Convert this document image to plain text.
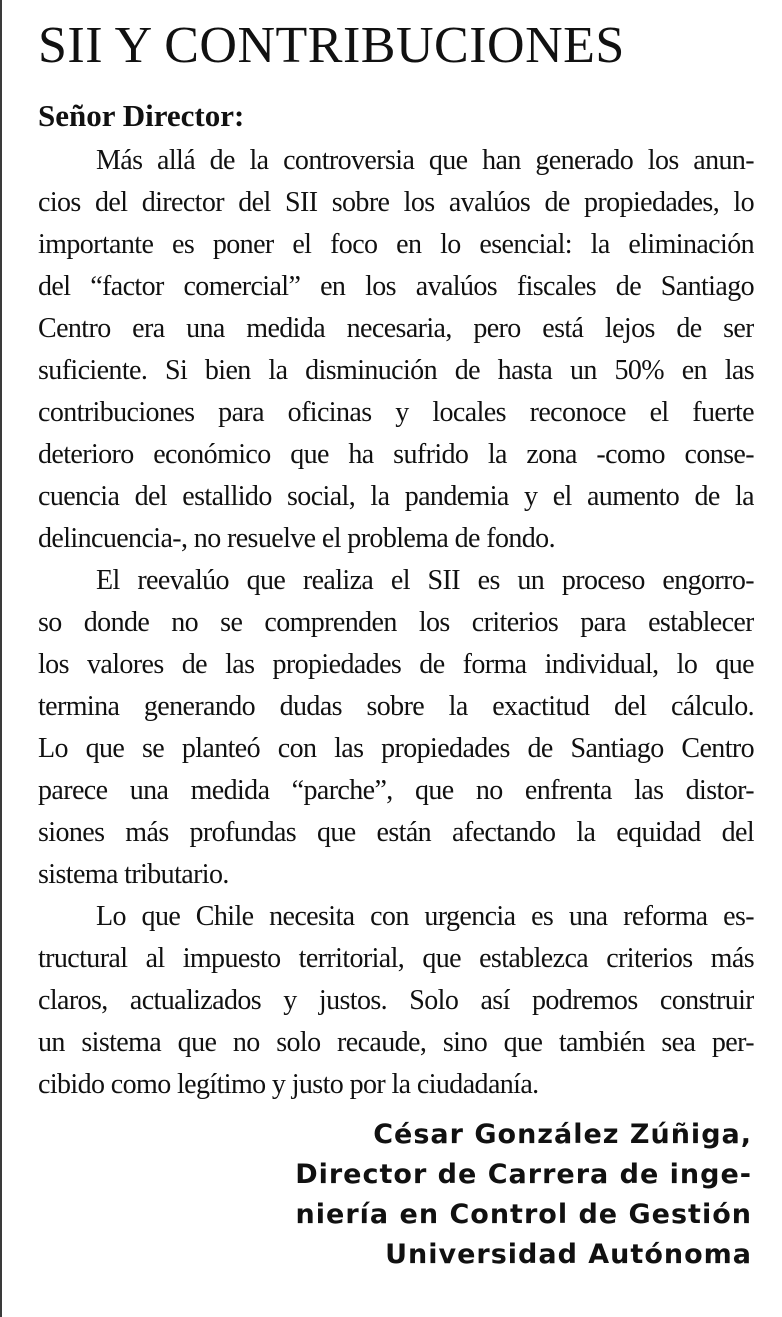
SII Y CONTRIBUCIONES
Señor Director:
Más allá de la controversia que han generado los anun-
cios del director del SII sobre los avalúos de propiedades, lo
importante es poner el foco en lo esencial: la eliminación
del “factor comercial” en los avalúos fiscales de Santiago
Centro era una medida necesaria, pero está lejos de ser
suficiente. Si bien la disminución de hasta un 50% en las
contribuciones para oficinas y locales reconoce el fuerte
deterioro económico que ha sufrido la zona -como conse-
cuencia del estallido social, la pandemia y el aumento de la
delincuencia-, no resuelve el problema de fondo.
El reevalúo que realiza el SII es un proceso engorro-
so donde no se comprenden los criterios para establecer
los valores de las propiedades de forma individual, lo que
termina generando dudas sobre la exactitud del cálculo.
Lo que se planteó con las propiedades de Santiago Centro
parece una medida “parche”, que no enfrenta las distor-
siones más profundas que están afectando la equidad del
sistema tributario.
Lo que Chile necesita con urgencia es una reforma es-
tructural al impuesto territorial, que establezca criterios más
claros, actualizados y justos. Solo así podremos construir
un sistema que no solo recaude, sino que también sea per-
cibido como legítimo y justo por la ciudadanía.
César González Zúñiga,
Director de Carrera de inge-
niería en Control de Gestión
Universidad Autónoma
